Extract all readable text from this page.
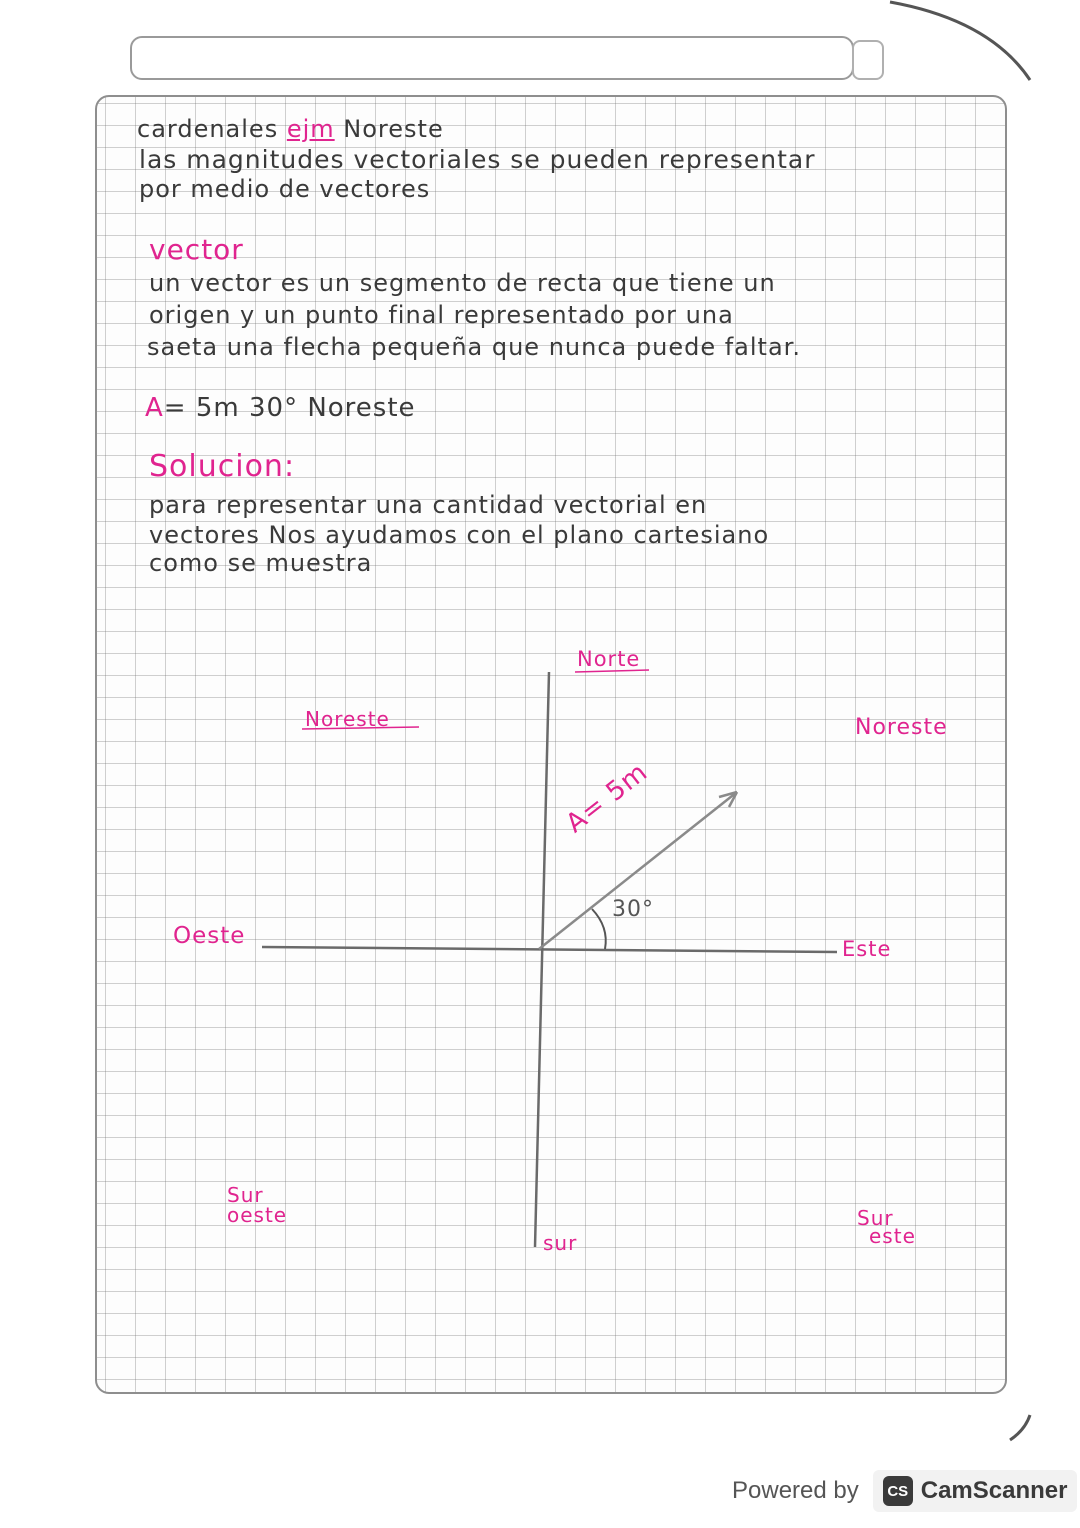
cardenales ejm Noreste
las magnitudes vectoriales se pueden representar
por medio de vectores
vector
un vector es un segmento de recta que tiene un
origen y un punto final representado por una
saeta una flecha pequeña que nunca puede faltar.
A= 5m 30° Noreste
Solucion:
para representar una cantidad vectorial en
vectores Nos ayudamos con el plano cartesiano
como se muestra
Norte
Noreste	Noreste
Oeste	Este
A= 5m
30°
sur
Sur
oeste	Sur
este
Powered by	CS CamScanner
